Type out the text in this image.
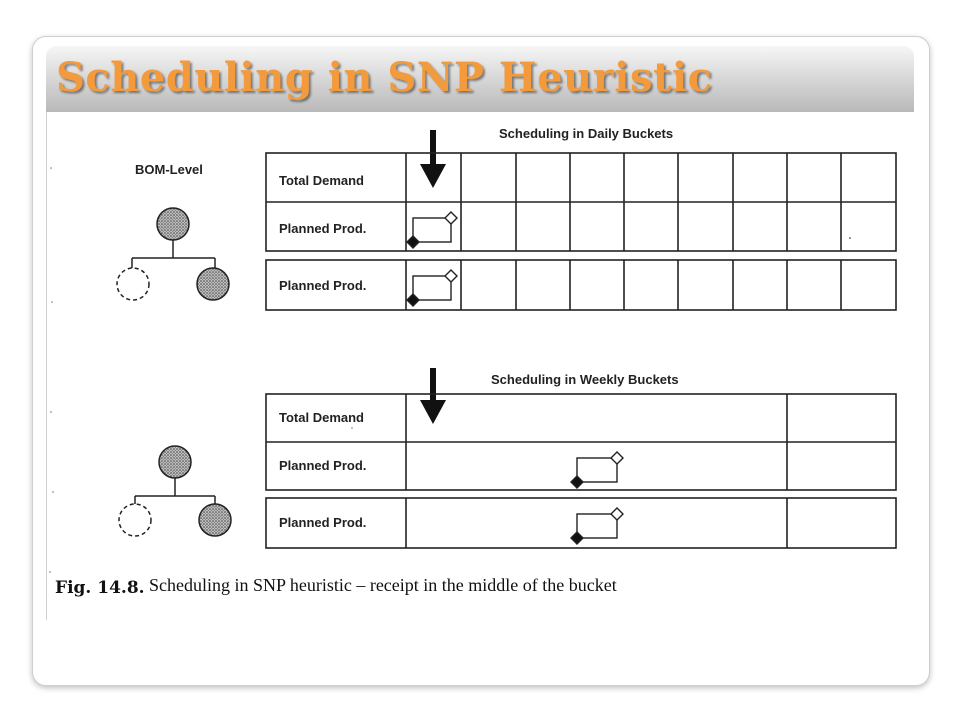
Scheduling in SNP Heuristic
BOM-Level
Scheduling in Daily Buckets
Total Demand
Planned Prod.
Planned Prod.
Scheduling in Weekly Buckets
Total Demand
Planned Prod.
Planned Prod.
Fig. 14.8. Scheduling in SNP heuristic – receipt in the middle of the bucket
